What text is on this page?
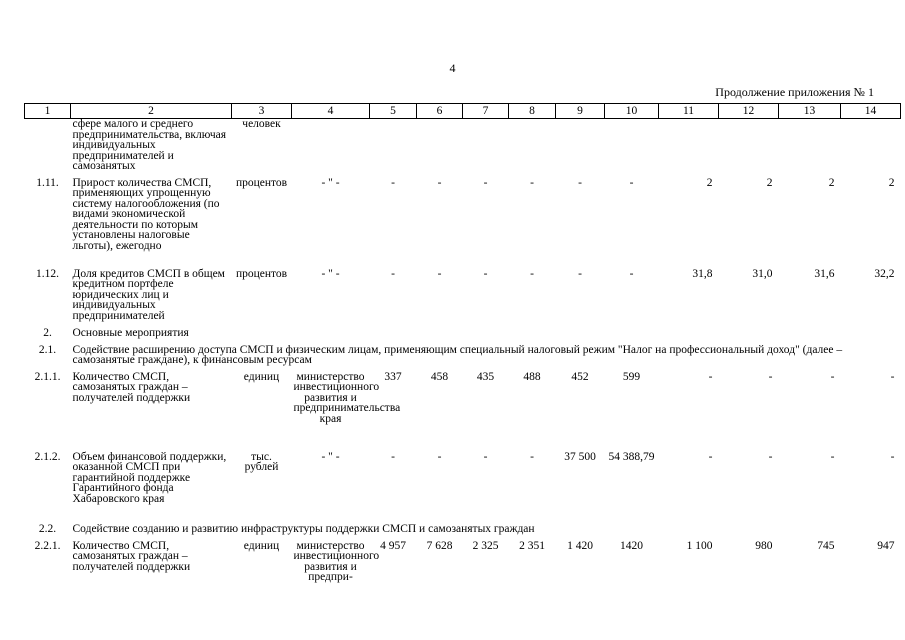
4
Продолжение приложения № 1
1	2	3	4	5	6	7	8	9	10	11	12	13	14
	сфере малого и среднего предпринимательства, включая индивидуальных предпринимателей и самозанятых	человек											
1.11.	Прирост количества СМСП, применяющих упрощенную систему налогообложения (по видами экономической деятельности по которым установлены налоговые льготы), ежегодно	процентов	- " -	-	-	-	-	-	-	2	2	2	2
1.12.	Доля кредитов СМСП в общем кредитном портфеле юридических лиц и индивидуальных предпринимателей	процентов	- " -	-	-	-	-	-	-	31,8	31,0	31,6	32,2
2.	Основные мероприятия												
2.1.	Содействие расширению доступа СМСП и физическим лицам, применяющим специальный налоговый режим "Налог на профессиональный доход" (далее – самозанятые граждане), к финансовым ресурсам												
2.1.1.	Количество СМСП, самозанятых граждан – получателей поддержки	единиц	министерство инвестиционного развития и предпринимательства края	337	458	435	488	452	599	-	-	-	-
2.1.2.	Объем финансовой поддержки, оказанной СМСП при гарантийной поддержке Гарантийного фонда Хабаровского края	тыс. рублей	- " -	-	-	-	-	37 500	54 388,79	-	-	-	-
2.2.	Содействие созданию и развитию инфраструктуры поддержки СМСП и самозанятых граждан												
2.2.1.	Количество СМСП, самозанятых граждан – получателей поддержки	единиц	министерство инвестиционного развития и предпри-	4 957	7 628	2 325	2 351	1 420	1420	1 100	980	745	947
